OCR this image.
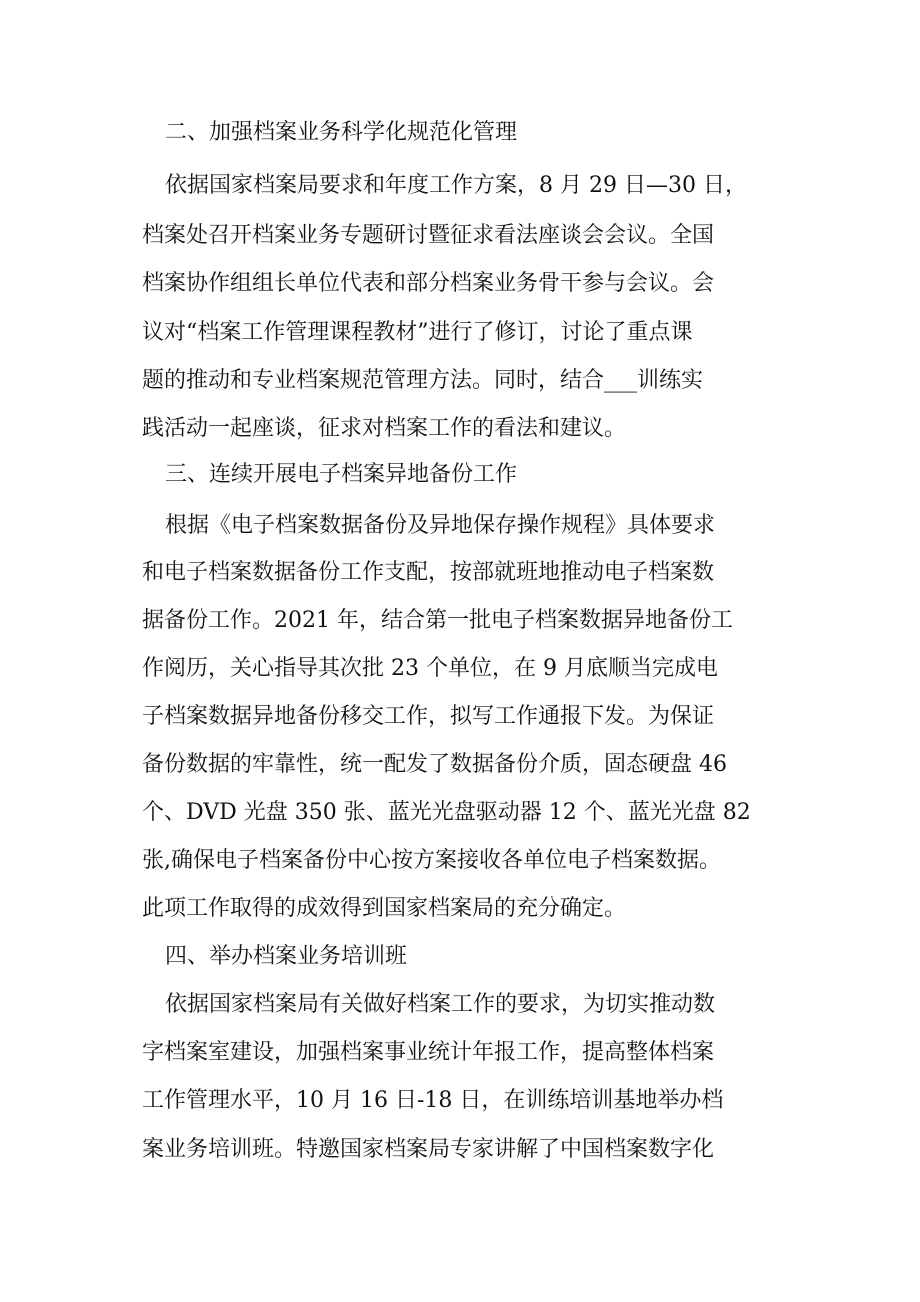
二、加强档案业务科学化规范化管理
依据国家档案局要求和年度工作方案，8 月 29 日—30 日，
档案处召开档案业务专题研讨暨征求看法座谈会会议。全国
档案协作组组长单位代表和部分档案业务骨干参与会议。会
议对“档案工作管理课程教材”进行了修订，讨论了重点课
题的推动和专业档案规范管理方法。同时，结合___训练实
践活动一起座谈，征求对档案工作的看法和建议。
三、连续开展电子档案异地备份工作
根据《电子档案数据备份及异地保存操作规程》具体要求
和电子档案数据备份工作支配，按部就班地推动电子档案数
据备份工作。2021 年，结合第一批电子档案数据异地备份工
作阅历，关心指导其次批 23 个单位，在 9 月底顺当完成电
子档案数据异地备份移交工作，拟写工作通报下发。为保证
备份数据的牢靠性，统一配发了数据备份介质，固态硬盘 46
个、DVD 光盘 350 张、蓝光光盘驱动器 12 个、蓝光光盘 82
张,确保电子档案备份中心按方案接收各单位电子档案数据。
此项工作取得的成效得到国家档案局的充分确定。
四、举办档案业务培训班
依据国家档案局有关做好档案工作的要求，为切实推动数
字档案室建设，加强档案事业统计年报工作，提高整体档案
工作管理水平，10 月 16 日-18 日，在训练培训基地举办档
案业务培训班。特邀国家档案局专家讲解了中国档案数字化
